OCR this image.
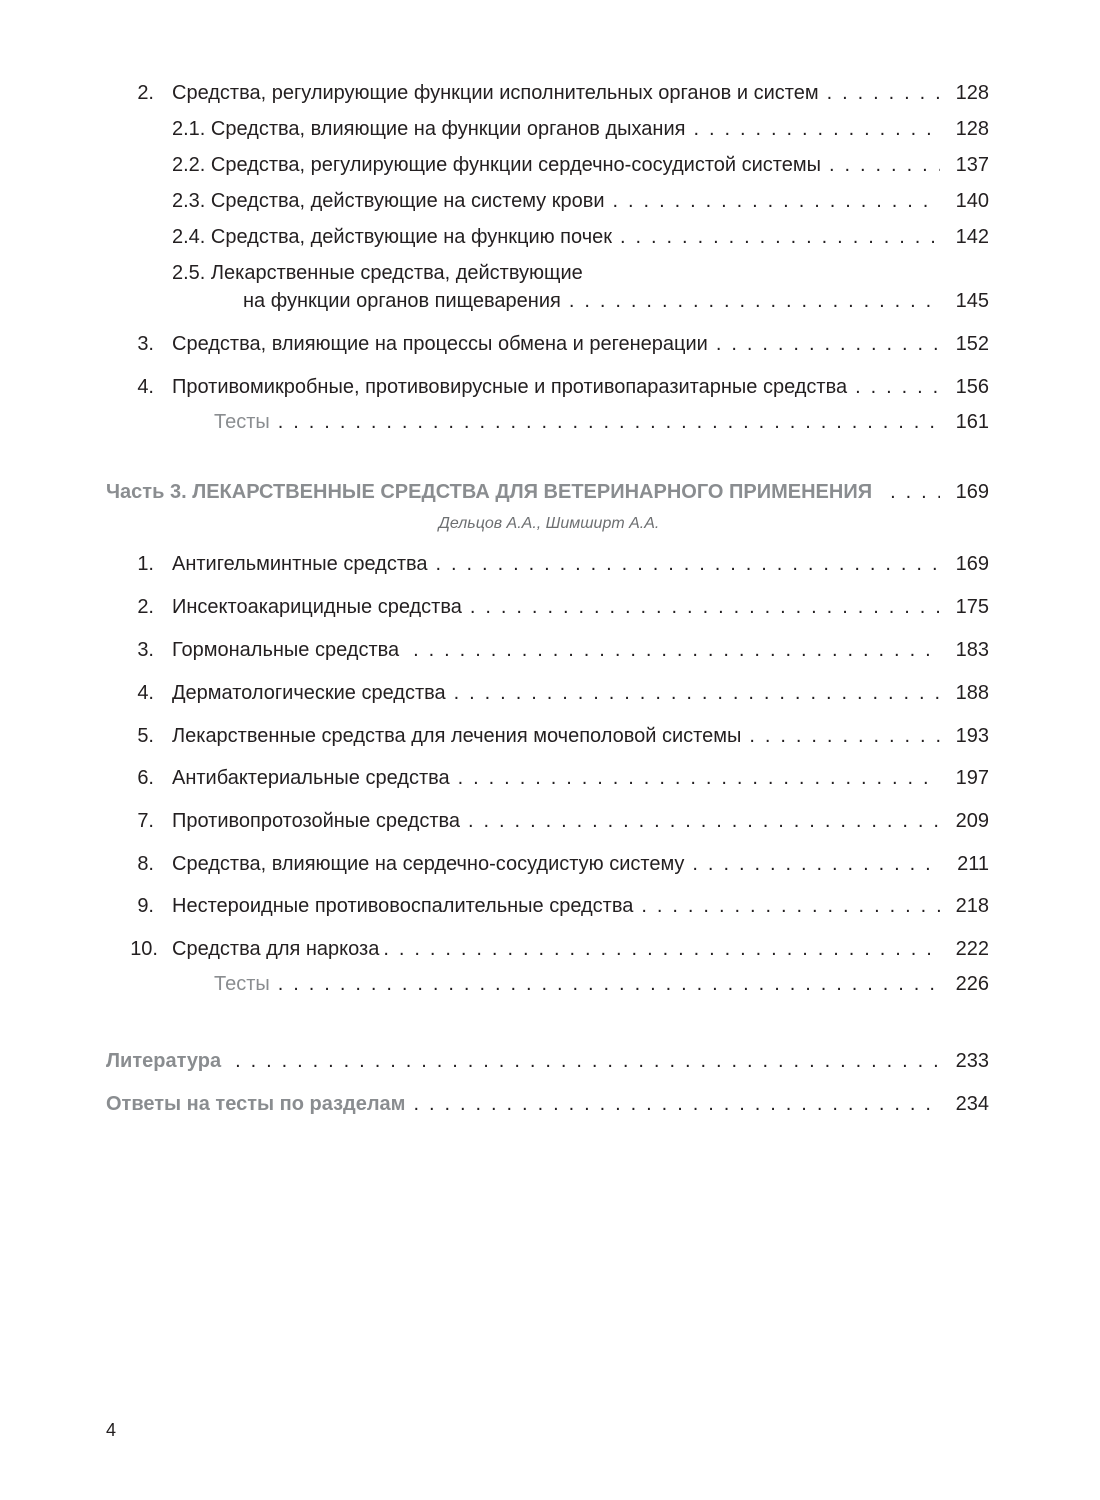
2. Средства, регулирующие функции исполнительных органов и систем . . .	128
2.1. Средства, влияющие на функции органов дыхания . . .	128
2.2. Средства, регулирующие функции сердечно-сосудистой системы . . .	137
2.3. Средства, действующие на систему крови . . .	140
2.4. Средства, действующие на функцию почек . . .	142
2.5. Лекарственные средства, действующие
на функции органов пищеварения . . .	145
3. Средства, влияющие на процессы обмена и регенерации . . .	152
4. Противомикробные, противовирусные и противопаразитарные средства . . .	156
Тесты . . .	161
Часть 3. ЛЕКАРСТВЕННЫЕ СРЕДСТВА ДЛЯ ВЕТЕРИНАРНОГО ПРИМЕНЕНИЯ . . .	169
Дельцов А.А., Шимширт А.А.
1. Антигельминтные средства . . .	169
2. Инсектоакарицидные средства . . .	175
3. Гормональные средства . . .	183
4. Дерматологические средства . . .	188
5. Лекарственные средства для лечения мочеполовой системы . . .	193
6. Антибактериальные средства . . .	197
7. Противопротозойные средства . . .	209
8. Средства, влияющие на сердечно-сосудистую систему . . .	211
9. Нестероидные противовоспалительные средства . . .	218
10. Средства для наркоза . . .	222
Тесты . . .	226
Литература . . .	233
Ответы на тесты по разделам . . .	234
4
